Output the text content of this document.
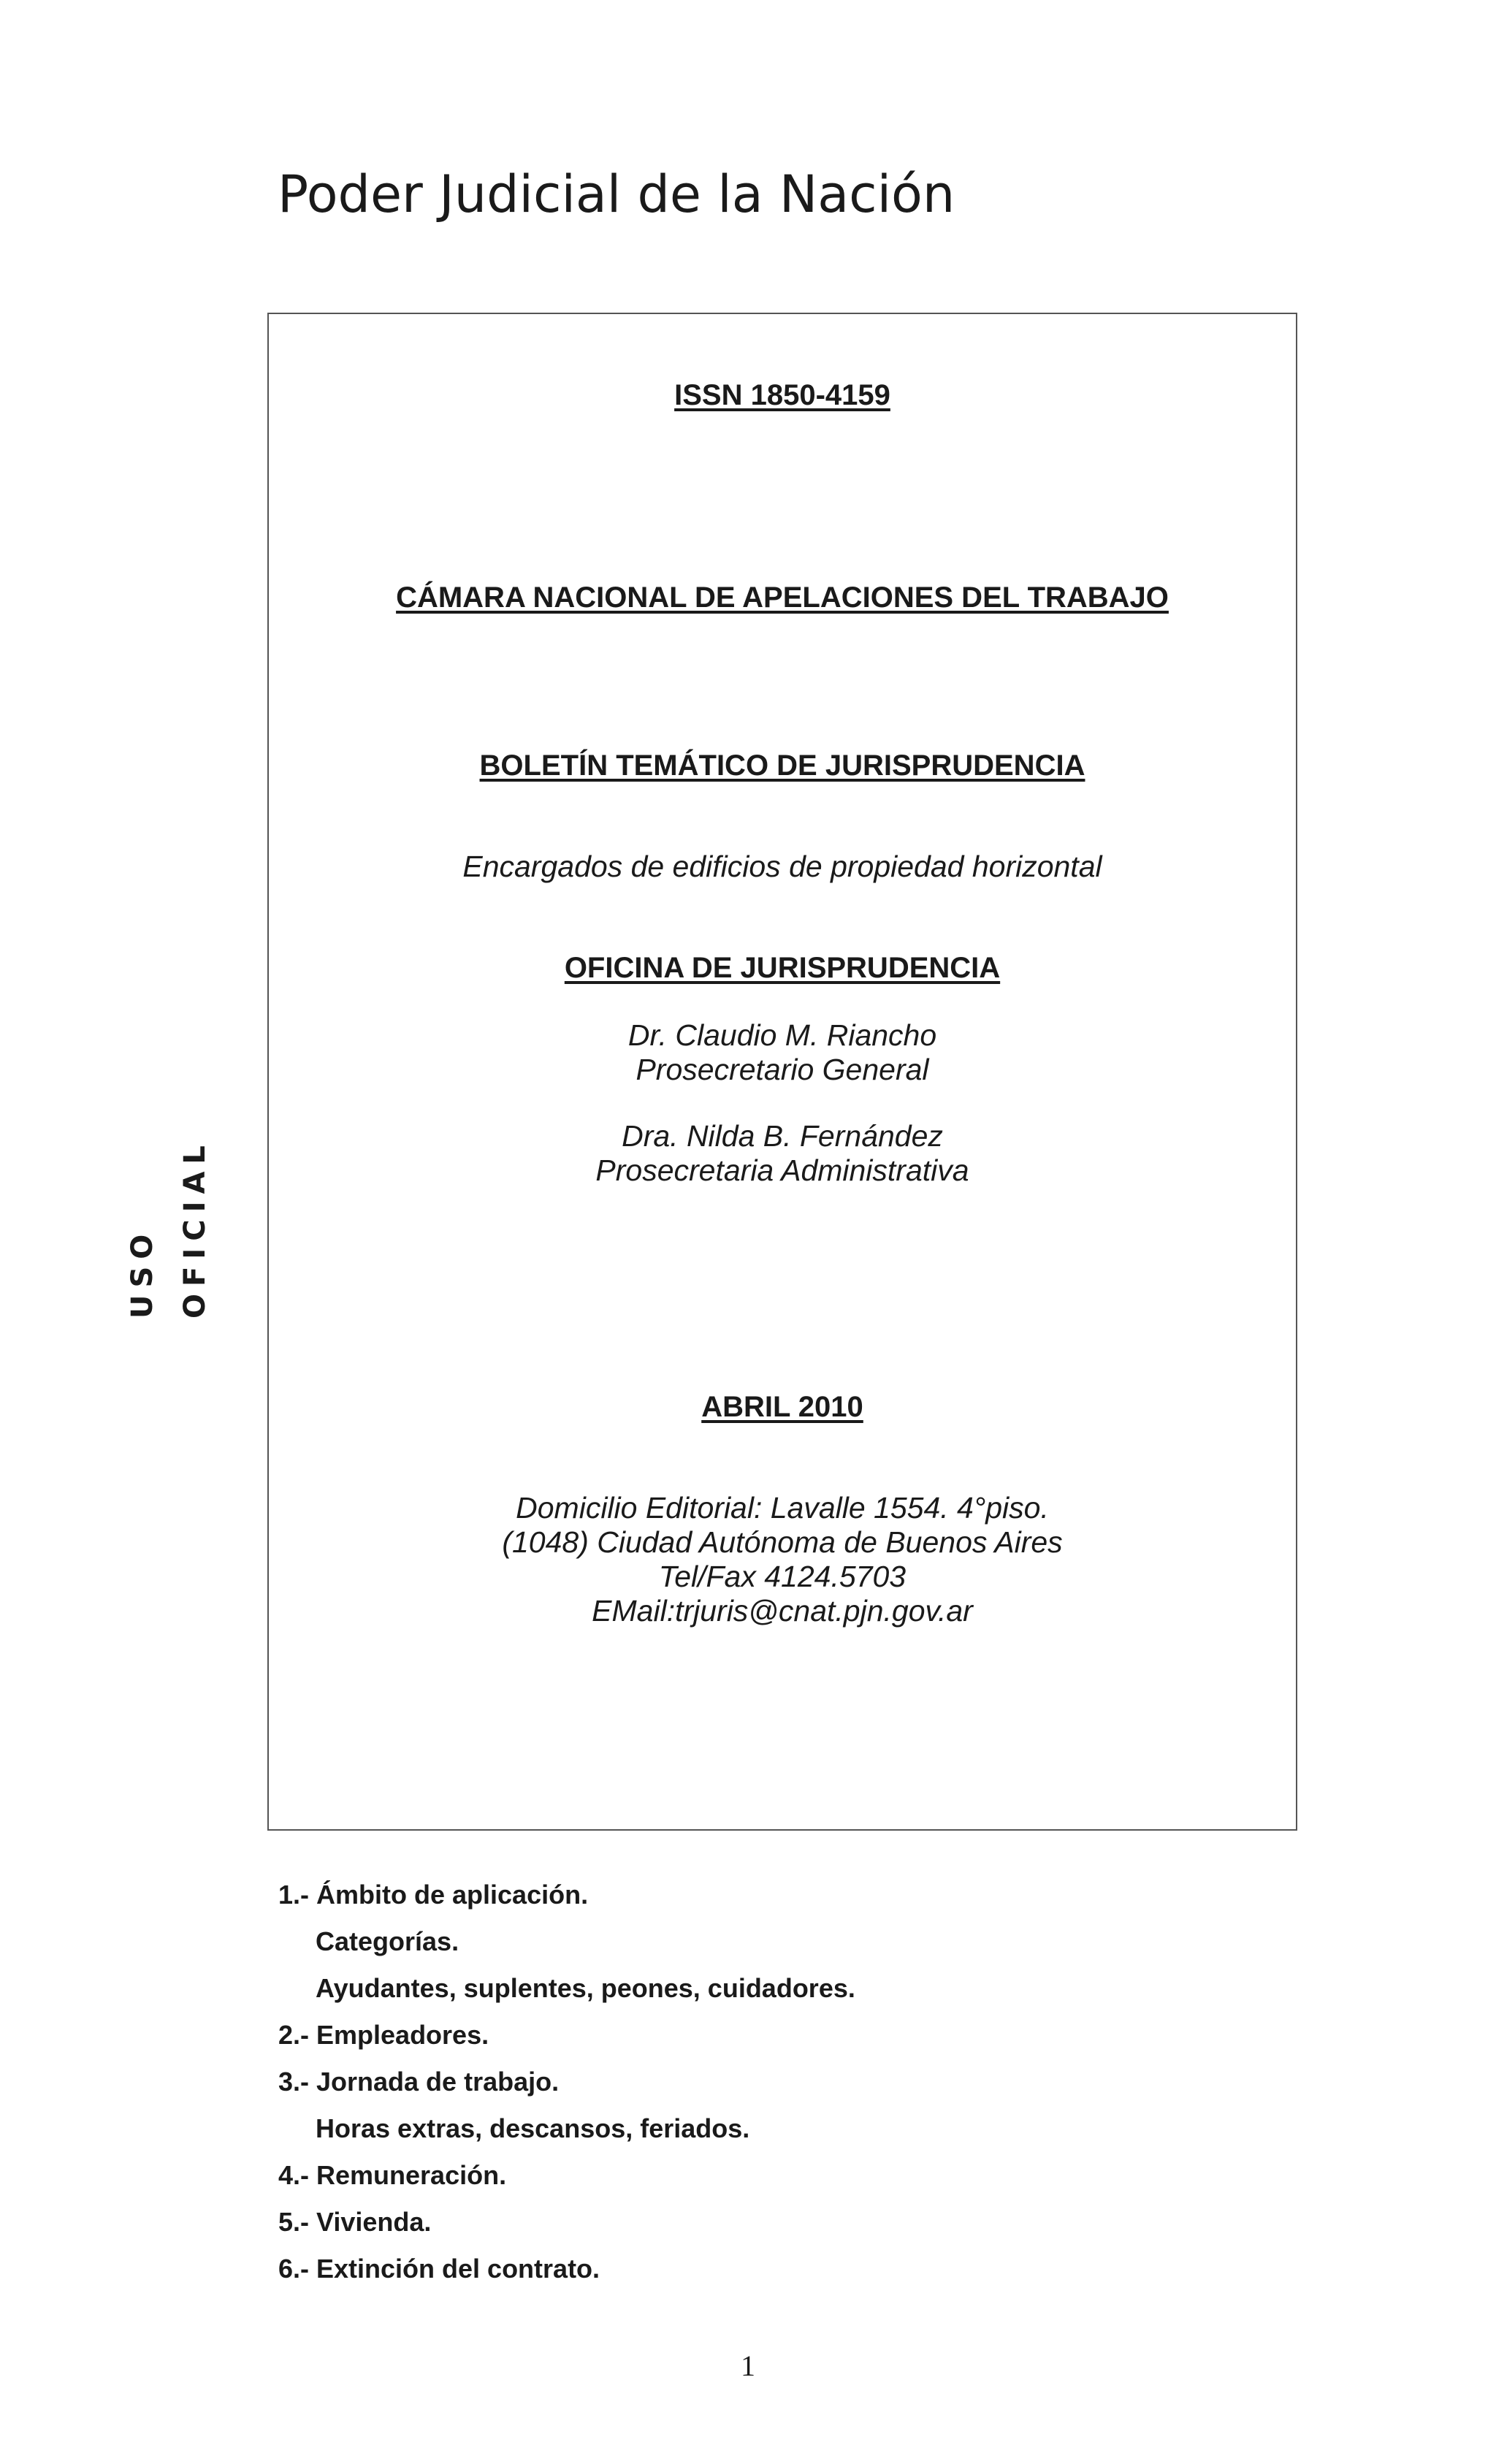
Poder Judicial de la Nación
USO OFICIAL
ISSN 1850-4159
CÁMARA NACIONAL DE APELACIONES DEL TRABAJO
BOLETÍN TEMÁTICO DE JURISPRUDENCIA
Encargados de edificios de propiedad horizontal
OFICINA DE JURISPRUDENCIA
Dr. Claudio M. Riancho
Prosecretario General
Dra. Nilda B. Fernández
Prosecretaria Administrativa
ABRIL 2010
Domicilio Editorial: Lavalle 1554. 4°piso.
(1048) Ciudad Autónoma de Buenos Aires
Tel/Fax 4124.5703
EMail:trjuris@cnat.pjn.gov.ar
1.- Ámbito de aplicación.
Categorías.
Ayudantes, suplentes, peones, cuidadores.
2.- Empleadores.
3.- Jornada de trabajo.
Horas extras, descansos, feriados.
4.- Remuneración.
5.- Vivienda.
6.- Extinción del contrato.
1
